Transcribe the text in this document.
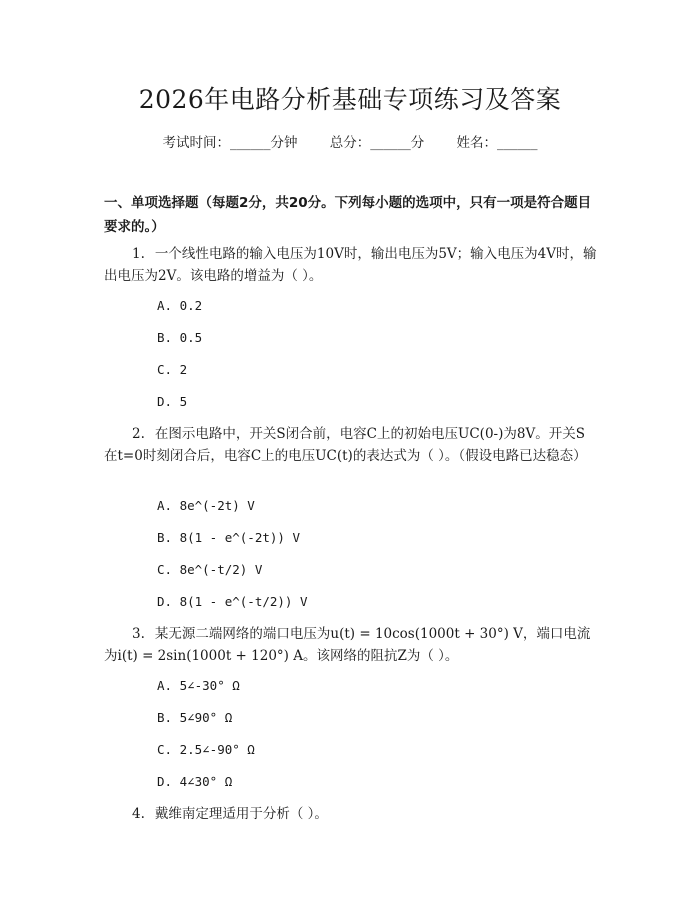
2026年电路分析基础专项练习及答案
考试时间：______分钟 总分：______分 姓名：______
一、单项选择题（每题2分，共20分。下列每小题的选项中，只有一项是符合题目要求的。）
1. 一个线性电路的输入电压为10V时，输出电压为5V；输入电压为4V时，输出电压为2V。该电路的增益为（ ）。
A. 0.2
B. 0.5
C. 2
D. 5
2. 在图示电路中，开关S闭合前，电容C上的初始电压UC(0-)为8V。开关S在t=0时刻闭合后，电容C上的电压UC(t)的表达式为（ ）。（假设电路已达稳态）
A. 8e^(-2t) V
B. 8(1 - e^(-2t)) V
C. 8e^(-t/2) V
D. 8(1 - e^(-t/2)) V
3. 某无源二端网络的端口电压为u(t) = 10cos(1000t + 30°) V，端口电流为i(t) = 2sin(1000t + 120°) A。该网络的阻抗Z为（ ）。
A. 5∠-30° Ω
B. 5∠90° Ω
C. 2.5∠-90° Ω
D. 4∠30° Ω
4. 戴维南定理适用于分析（ ）。
